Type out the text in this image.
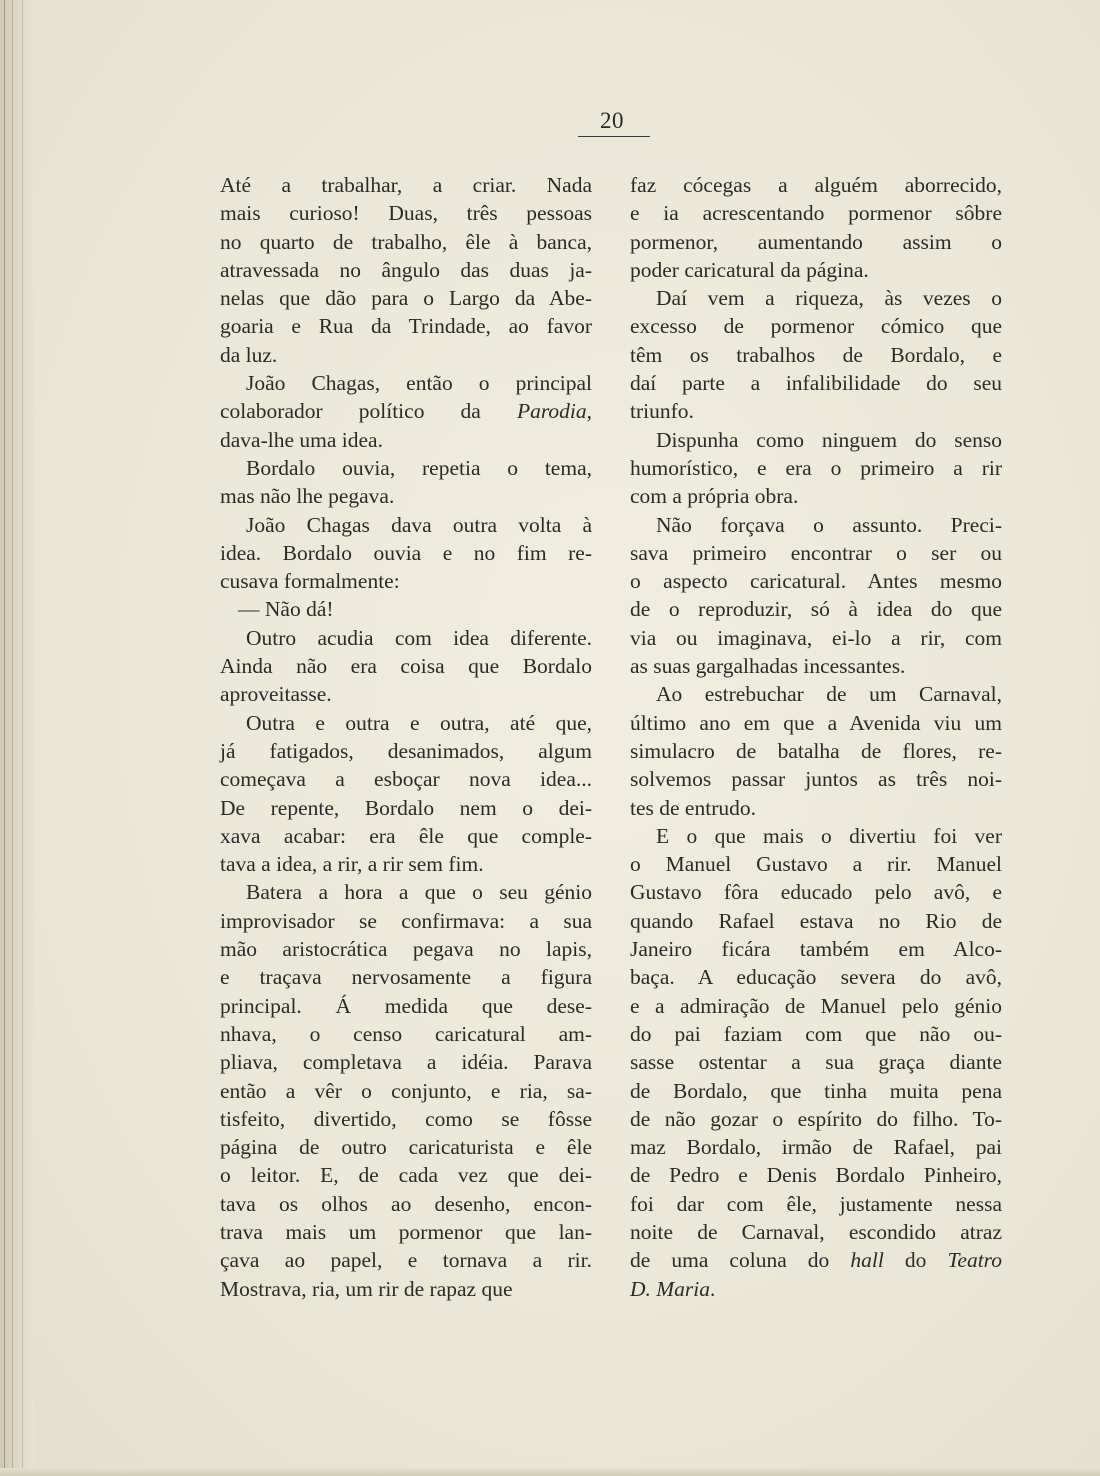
20
Até a trabalhar, a criar. Nada
mais curioso! Duas, três pessoas
no quarto de trabalho, êle à banca,
atravessada no ângulo das duas ja-
nelas que dão para o Largo da Abe-
goaria e Rua da Trindade, ao favor
da luz.
João Chagas, então o principal
colaborador político da Parodia,
dava-lhe uma idea.
Bordalo ouvia, repetia o tema,
mas não lhe pegava.
João Chagas dava outra volta à
idea. Bordalo ouvia e no fim re-
cusava formalmente:
— Não dá!
Outro acudia com idea diferente.
Ainda não era coisa que Bordalo
aproveitasse.
Outra e outra e outra, até que,
já fatigados, desanimados, algum
começava a esboçar nova idea...
De repente, Bordalo nem o dei-
xava acabar: era êle que comple-
tava a idea, a rir, a rir sem fim.
Batera a hora a que o seu génio
improvisador se confirmava: a sua
mão aristocrática pegava no lapis,
e traçava nervosamente a figura
principal. Á medida que dese-
nhava, o censo caricatural am-
pliava, completava a idéia. Parava
então a vêr o conjunto, e ria, sa-
tisfeito, divertido, como se fôsse
página de outro caricaturista e êle
o leitor. E, de cada vez que dei-
tava os olhos ao desenho, encon-
trava mais um pormenor que lan-
çava ao papel, e tornava a rir.
Mostrava, ria, um rir de rapaz que
faz cócegas a alguém aborrecido,
e ia acrescentando pormenor sôbre
pormenor, aumentando assim o
poder caricatural da página.
Daí vem a riqueza, às vezes o
excesso de pormenor cómico que
têm os trabalhos de Bordalo, e
daí parte a infalibilidade do seu
triunfo.
Dispunha como ninguem do senso
humorístico, e era o primeiro a rir
com a própria obra.
Não forçava o assunto. Preci-
sava primeiro encontrar o ser ou
o aspecto caricatural. Antes mesmo
de o reproduzir, só à idea do que
via ou imaginava, ei-lo a rir, com
as suas gargalhadas incessantes.
Ao estrebuchar de um Carnaval,
último ano em que a Avenida viu um
simulacro de batalha de flores, re-
solvemos passar juntos as três noi-
tes de entrudo.
E o que mais o divertiu foi ver
o Manuel Gustavo a rir. Manuel
Gustavo fôra educado pelo avô, e
quando Rafael estava no Rio de
Janeiro ficára também em Alco-
baça. A educação severa do avô,
e a admiração de Manuel pelo génio
do pai faziam com que não ou-
sasse ostentar a sua graça diante
de Bordalo, que tinha muita pena
de não gozar o espírito do filho. To-
maz Bordalo, irmão de Rafael, pai
de Pedro e Denis Bordalo Pinheiro,
foi dar com êle, justamente nessa
noite de Carnaval, escondido atraz
de uma coluna do hall do Teatro
D. Maria.
